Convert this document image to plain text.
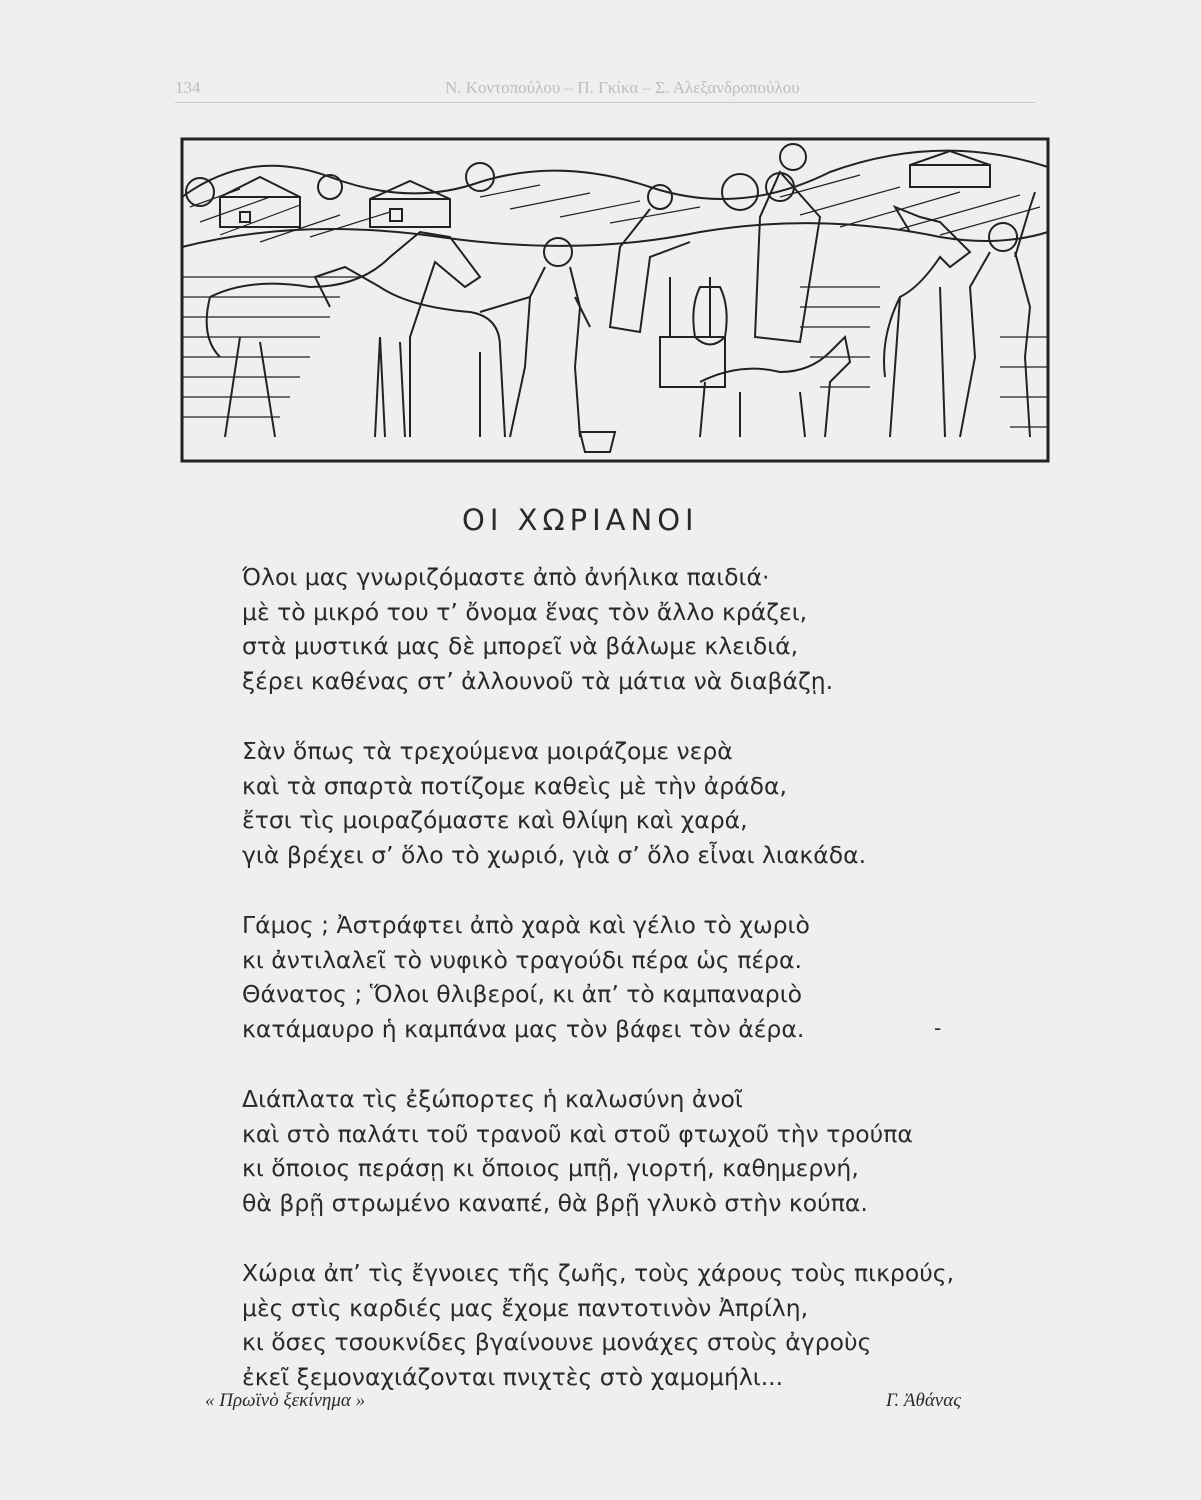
134	Ν. Κοντοπούλου – Π. Γκίκα – Σ. Αλεξανδροπούλου
ΟΙ ΧΩΡΙΑΝΟΙ
Όλοι μας γνωριζόμαστε ἀπὸ ἀνήλικα παιδιά·
μὲ τὸ μικρό του τ’ ὄνομα ἕνας τὸν ἄλλο κράζει,
στὰ μυστικά μας δὲ μπορεῖ νὰ βάλωμε κλειδιά,
ξέρει καθένας στ’ ἀλλουνοῦ τὰ μάτια νὰ διαβάζῃ.
Σὰν ὅπως τὰ τρεχούμενα μοιράζομε νερὰ
καὶ τὰ σπαρτὰ ποτίζομε καθεὶς μὲ τὴν ἀράδα,
ἔτσι τὶς μοιραζόμαστε καὶ θλίψη καὶ χαρά,
γιὰ βρέχει σ’ ὅλο τὸ χωριό, γιὰ σ’ ὅλο εἶναι λιακάδα.
Γάμος ; Ἀστράφτει ἀπὸ χαρὰ καὶ γέλιο τὸ χωριὸ
κι ἀντιλαλεῖ τὸ νυφικὸ τραγούδι πέρα ὡς πέρα.
Θάνατος ; Ὅλοι θλιβεροί, κι ἀπ’ τὸ καμπαναριὸ
κατάμαυρο ἡ καμπάνα μας τὸν βάφει τὸν ἀέρα.
Διάπλατα τὶς ἐξώπορτες ἡ καλωσύνη ἀνοῖ
καὶ στὸ παλάτι τοῦ τρανοῦ καὶ στοῦ φτωχοῦ τὴν τρούπα
κι ὅποιος περάσῃ κι ὅποιος μπῇ, γιορτή, καθημερνή,
θὰ βρῇ στρωμένο καναπέ, θὰ βρῇ γλυκὸ στὴν κούπα.
Χώρια ἀπ’ τὶς ἔγνοιες τῆς ζωῆς, τοὺς χάρους τοὺς πικρούς,
μὲς στὶς καρδιές μας ἔχομε παντοτινὸν Ἀπρίλη,
κι ὅσες τσουκνίδες βγαίνουνε μονάχες στοὺς ἀγροὺς
ἐκεῖ ξεμοναχιάζονται πνιχτὲς στὸ χαμομήλι...
-
« Πρωϊνὸ ξεκίνημα »	Γ. Ἀθάνας
